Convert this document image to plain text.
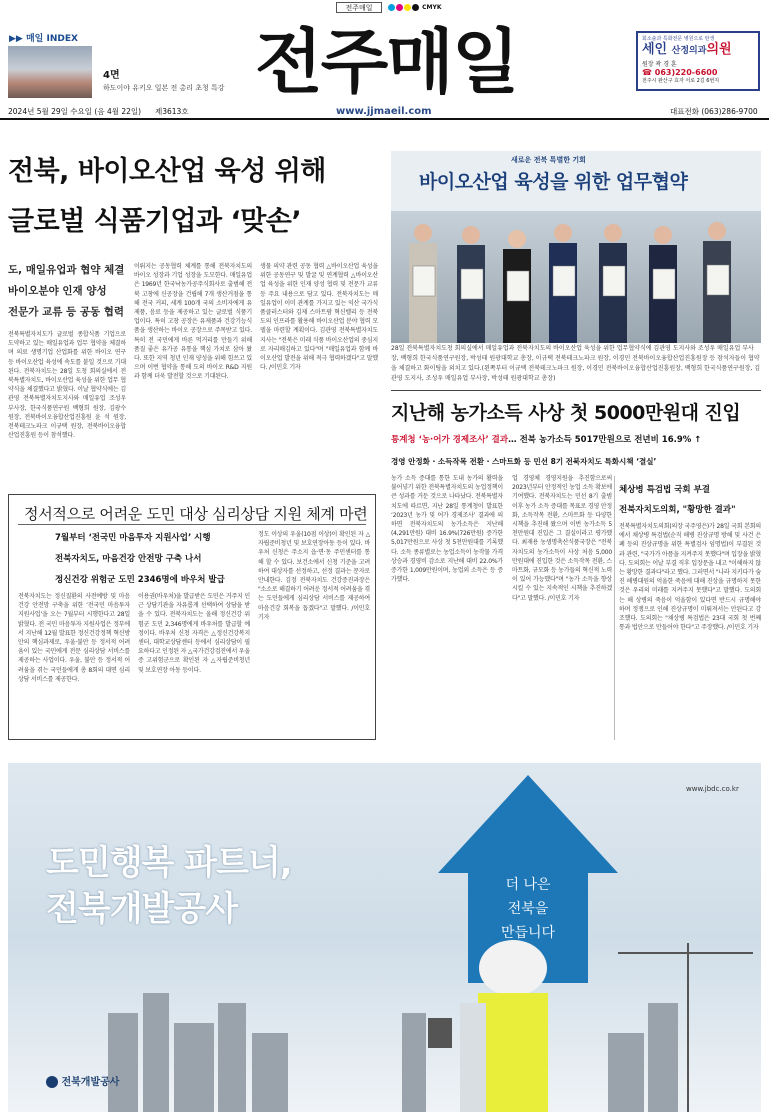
전주매일	CMYK
▶▶ 매일 INDEX
4면
하도이야 유키오 일본 전 총리 초청 특강 전주매일	회소솔과 특화전문 병원으로 탄생
세인 산정의과의원
원장 곽 경 훈
☎ 063)220-6600
전주시 완산구 효자 서로 2길 6번지
2024년 5월 29일 수요일 (음 4월 22일) 제3613호	www.jjmaeil.com	대표전화 (063)286-9700
전북, 바이오산업 육성 위해
글로벌 식품기업과 ‘맞손’
도, 매일유업과 협약 체결
바이오분야 인재 양성
전문가 교류 등 공동 협력
전북특별자치도가 글로벌 종합식품 기업으로 도약하고 있는 매일유업과 업무 협약을 체결하며 의료 생명기업 산업화를 위한 바이오 연구 등 바이오산업 육성에 속도를 붙일 것으로 기대된다. 전북자치도는 28일 도청 회의실에서 전북특별자치도, 바이오산업 육성을 위한 업무 협약식을 체결했다고 밝혔다. 이날 협약식에는 김관영 전북특별자치도지사와 매일유업 조성우 부사장, 한국식품연구원 백형희 원장, 김광수 원장, 전북바이오융합산업진흥원 윤 석 원장, 전북테크노파크 이규택 원장, 전북바이오융합산업진흥원 등이 참석했다.
이뤄지는 공동협력 체계를 통해 전북자치도의 바이오 성장과 기업 성장을 도모한다. 매일유업은 1969년 한국낙농가공주식회사로 출범해 전북 고창에 신공장을 건립해 7개 생산거점을 통해 전국 커피, 세계 100개 국의 소비자에게 유제품, 음료 등을 제공하고 있는 글로벌 식품기업이다. 특히 고창 공장은 유제품과 건강기능식품을 생산하는 바이오 공장으로 주목받고 있다. 특히 전 국민에게 바른 먹거리를 만들기 위해 품질 좋은 유가공 유통을 핵심 가치로 삼아 왔다. 또한 지역 청년 인재 양성을 위해 힘쓰고 있으며 이번 협약을 통해 도의 바이오 R&D 지원과 함께 더욱 발전할 것으로 기대된다.
생물 의약 관련 공동 협력 △바이오산업 육성을 위한 공동연구 및 발굴 및 연계협력 △바이오산업 육성을 위한 인재 양성 협력 및 전문가 교류 등 주요 내용으로 담고 있다. 전북자치도는 매일유업이 이미 관계를 가지고 있는 익산 국가식품클러스터와 김제 스마트팜 혁신밸리 등 전북도의 인프라를 활용해 바이오산업 분야 협력 모델을 마련할 계획이다. 김관영 전북특별자치도지사는 "전북은 미래 식품 바이오산업의 중심지로 자리매김하고 있다"며 "매일유업과 함께 바이오산업 발전을 위해 적극 협력하겠다"고 말했다. /이민호 기자
새로운 전북 특별한 기회
바이오산업 육성을 위한 업무협약
28일 전북특별자치도청 회의실에서 매일유업과 전북자치도의 바이오산업 육성을 위한 업무협약식에 김관영 도지사와 조성우 매일유업 부사장, 백형희 한국식품연구원장, 박성태 원광대학교 총장, 이규택 전북테크노파크 원장, 이경민 전북바이오융합산업진흥원장 등 참석자들이 협약을 체결하고 화이팅을 외치고 있다.(왼쪽부터 이규택 전북테크노파크 원장, 이경민 전북바이오융합산업진흥원장, 백형희 한국식품연구원장, 김관영 도지사, 조성우 매일유업 부사장, 박성태 원광대학교 총장)
지난해 농가소득 사상 첫 5000만원대 진입
통계청 ‘농·어가 경제조사’ 결과… 전북 농가소득 5017만원으로 전년비 16.9% ↑
경영 안정화 · 소득작목 전환 · 스마트화 등 민선 8기 전북자치도 특화시책 ‘결실’
농가 소득 증대를 통한 도내 농가의 활력을 불어넣기 위한 전북특별자치도의 농업정책이 큰 성과를 거둔 것으로 나타났다. 전북특별자치도에 따르면, 지난 28일 통계청이 발표한 ‘2023년 농가 및 어가 경제조사’ 결과에 의하면 전북자치도의 농가소득은 지난해(4,291만원) 대비 16.9%(726만원) 증가한 5,017만원으로 사상 첫 5천만원대를 기록했다. 소득 종류별로는 농업소득이 농작물 가격 상승과 경영비 감소로 지난해 대비 22.0%가 증가한 1,009만원이며, 농업외 소득은 등 증가했다.
업 경영체 경영지원을 추진함으로써 2023년부터 안정적인 농업 소득 확보에 기여했다. 전북자치도는 민선 8기 출범 이후 농가 소득 증대를 목표로 경영 안정화, 소득작목 전환, 스마트화 등 다양한 시책을 추진해 왔으며 이번 농가소득 5천만원대 진입은 그 결실이라고 평가했다. 최재용 농생명축산식품국장은 "전북자치도의 농가소득이 사상 처음 5,000만원대에 진입한 것은 소득작목 전환, 스마트화, 규모화 등 농가들의 혁신적 노력이 있어 가능했다"며 "농가 소득을 향상시킬 수 있는 지속적인 시책을 추진하겠다"고 말했다. /이민호 기자
체상병 특검법 국회 부결
전북자치도의회, "황망한 결과"
전북특별자치도의회(의장 국주영은)가 28일 국회 본회의에서 채상병 특검법(순직 해병 진상규명 방해 및 사건 은폐 등의 진상규명을 위한 특별검사 임명법)이 부결된 것과 관련, "국가가 아픔을 지켜주지 못했다"며 입장을 밝혔다. 도의회는 이날 부결 직후 입장문을 내고 "이해하지 않는 황망한 결과다"라고 했다. 그러면서 "나라 지키다가 숨진 해병대원의 억울한 죽음에 대해 진상을 규명하지 못한 것은 우리의 미래를 지켜주지 못했다"고 말했다. 도의회는 해 상병의 죽음이 억울함이 있다면 반드시 규명해야 하며 정쟁으로 인해 진상규명이 미뤄져서는 안된다고 강조했다. 도의회는 "채상병 특검법은 23대 국회 첫 번째 통과 법안으로 만들어야 한다"고 주장했다. /이민호 기자
정서적으로 어려운 도민 대상 심리상담 지원 체계 마련
7월부터 ‘전국민 마음투자 지원사업’ 시행
전북자치도, 마음건강 안전망 구축 나서
정신건강 위험군 도민 2346명에 바우처 발급
전북자치도는 정신질환의 사전예방 및 마음건강 안전망 구축을 위한 ‘전국민 마음투자 지원사업’을 오는 7월부터 시행한다고 28일 밝혔다. 전 국민 마음투자 지원사업은 정부에서 지난해 12월 발표한 정신건강정책 혁신방안의 핵심과제로, 우울·불안 등 정서적 어려움이 있는 국민에게 전문 심리상담 서비스를 제공하는 사업이다. 우울, 불안 등 정서적 어려움을 겪는 국민들에게 총 8회의 대면 심리상담 서비스를 제공한다.
이용권(바우처)을 발급받은 도민은 거주지 인근 상담기관을 자유롭게 선택하여 상담을 받을 수 있다. 전북자치도는 올해 정신건강 위험군 도민 2,346명에게 바우처를 발급할 예정이다. 바우처 신청 자격은 △정신건강복지센터, 대학교상담센터 등에서 심리상담이 필요하다고 인정된 자 △국가건강검진에서 우울증 고위험군으로 확인된 자 △자립준비청년 및 보호연장 아동 등이다.
정도 이상의 우울(10점 이상)이 확인된 자 △자립준비청년 및 보호연장아동 등이 있다. 바우처 신청은 주소지 읍·면·동 주민센터를 통해 할 수 있다. 보건소에서 신청 기준을 고려하여 대상자를 선정하고, 선정 결과는 문자로 안내한다. 김정 전북자치도 건강증진과장은 "소소로 해결하기 어려운 정서적 어려움을 겪는 도민들에게 심리상담 서비스를 제공하여 마음건강 회복을 돕겠다"고 말했다. /이민호 기자
www.jbdc.co.kr
도민행복 파트너,
전북개발공사
더 나은
전북을
만듭니다
전북개발공사
